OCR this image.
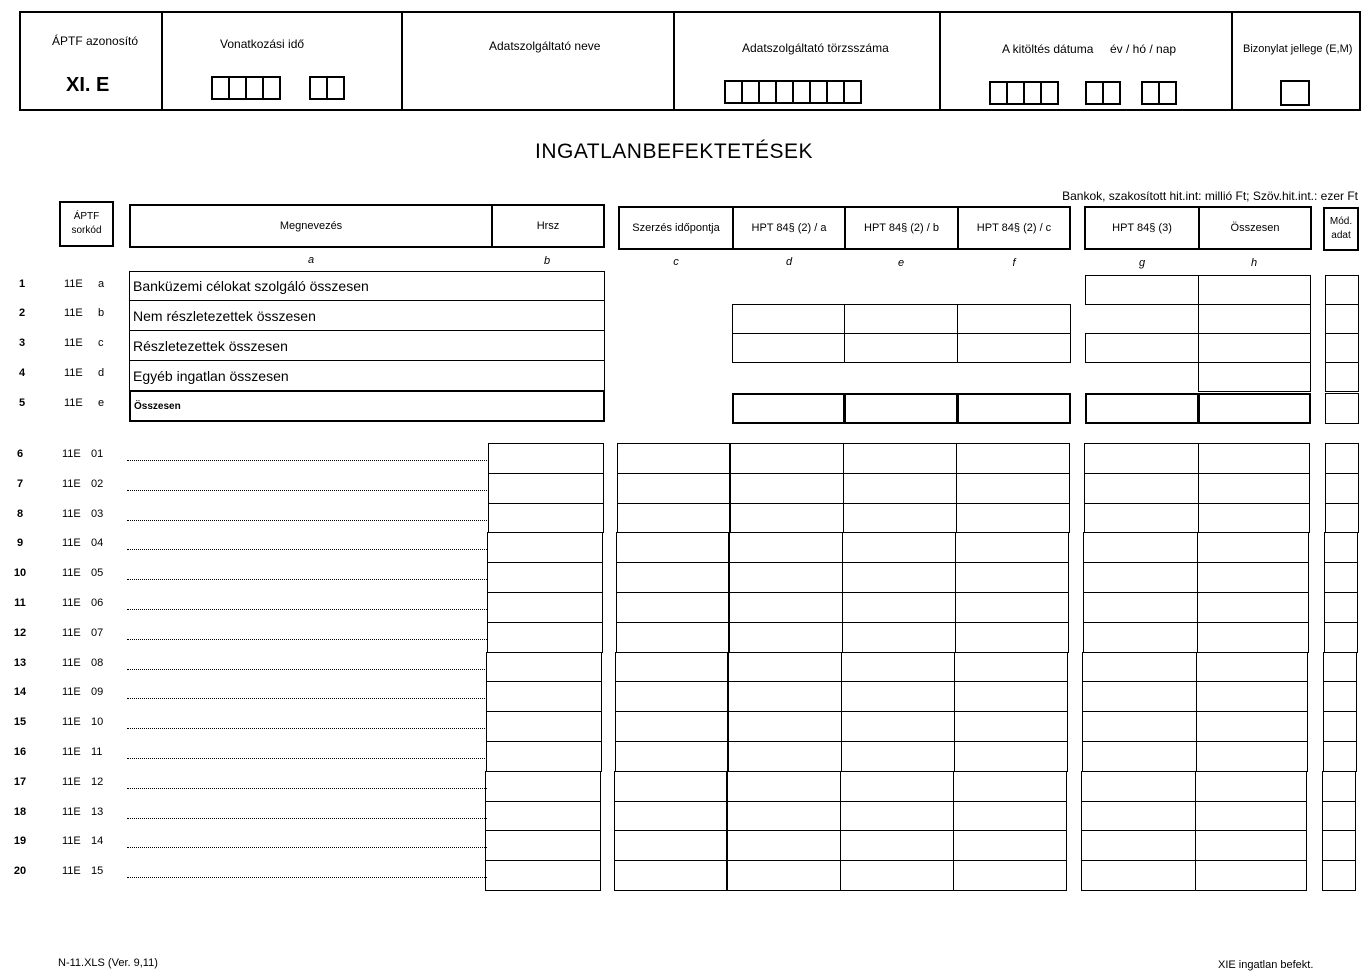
ÁPTF azonosító
XI. E
Vonatkozási idő	Adatszolgáltató neve	Adatszolgáltató törzsszáma	A kitöltés dátuma év / hó / nap	Bizonylat jellege (E,M)
INGATLANBEFEKTETÉSEK
Bankok, szakosított hit.int: millió Ft; Szöv.hit.int.: ezer Ft
ÁPTF sorkód	Megnevezés	Hrsz	Szerzés időpontja	HPT 84§ (2) / a	HPT 84§ (2) / b	HPT 84§ (2) / c	HPT 84§ (3)	Összesen
Mód. adat
a	b	c	d	e	f	g	h
1	11E a Banküzemi célokat szolgáló összesen
2	11E b Nem részletezettek összesen
3	11E c Részletezettek összesen
4	11E d Egyéb ingatlan összesen
5	11E e	Összesen
6	11E 01
7	11E 02
8	11E 03
9	11E 04
10	11E 05
11	11E 06
12	11E 07
13	11E 08
14	11E 09
15	11E 10
16	11E 11
17	11E 12
18	11E 13
19	11E 14
20	11E 15
N-11.XLS (Ver. 9,11)	XIE ingatlan befekt.
